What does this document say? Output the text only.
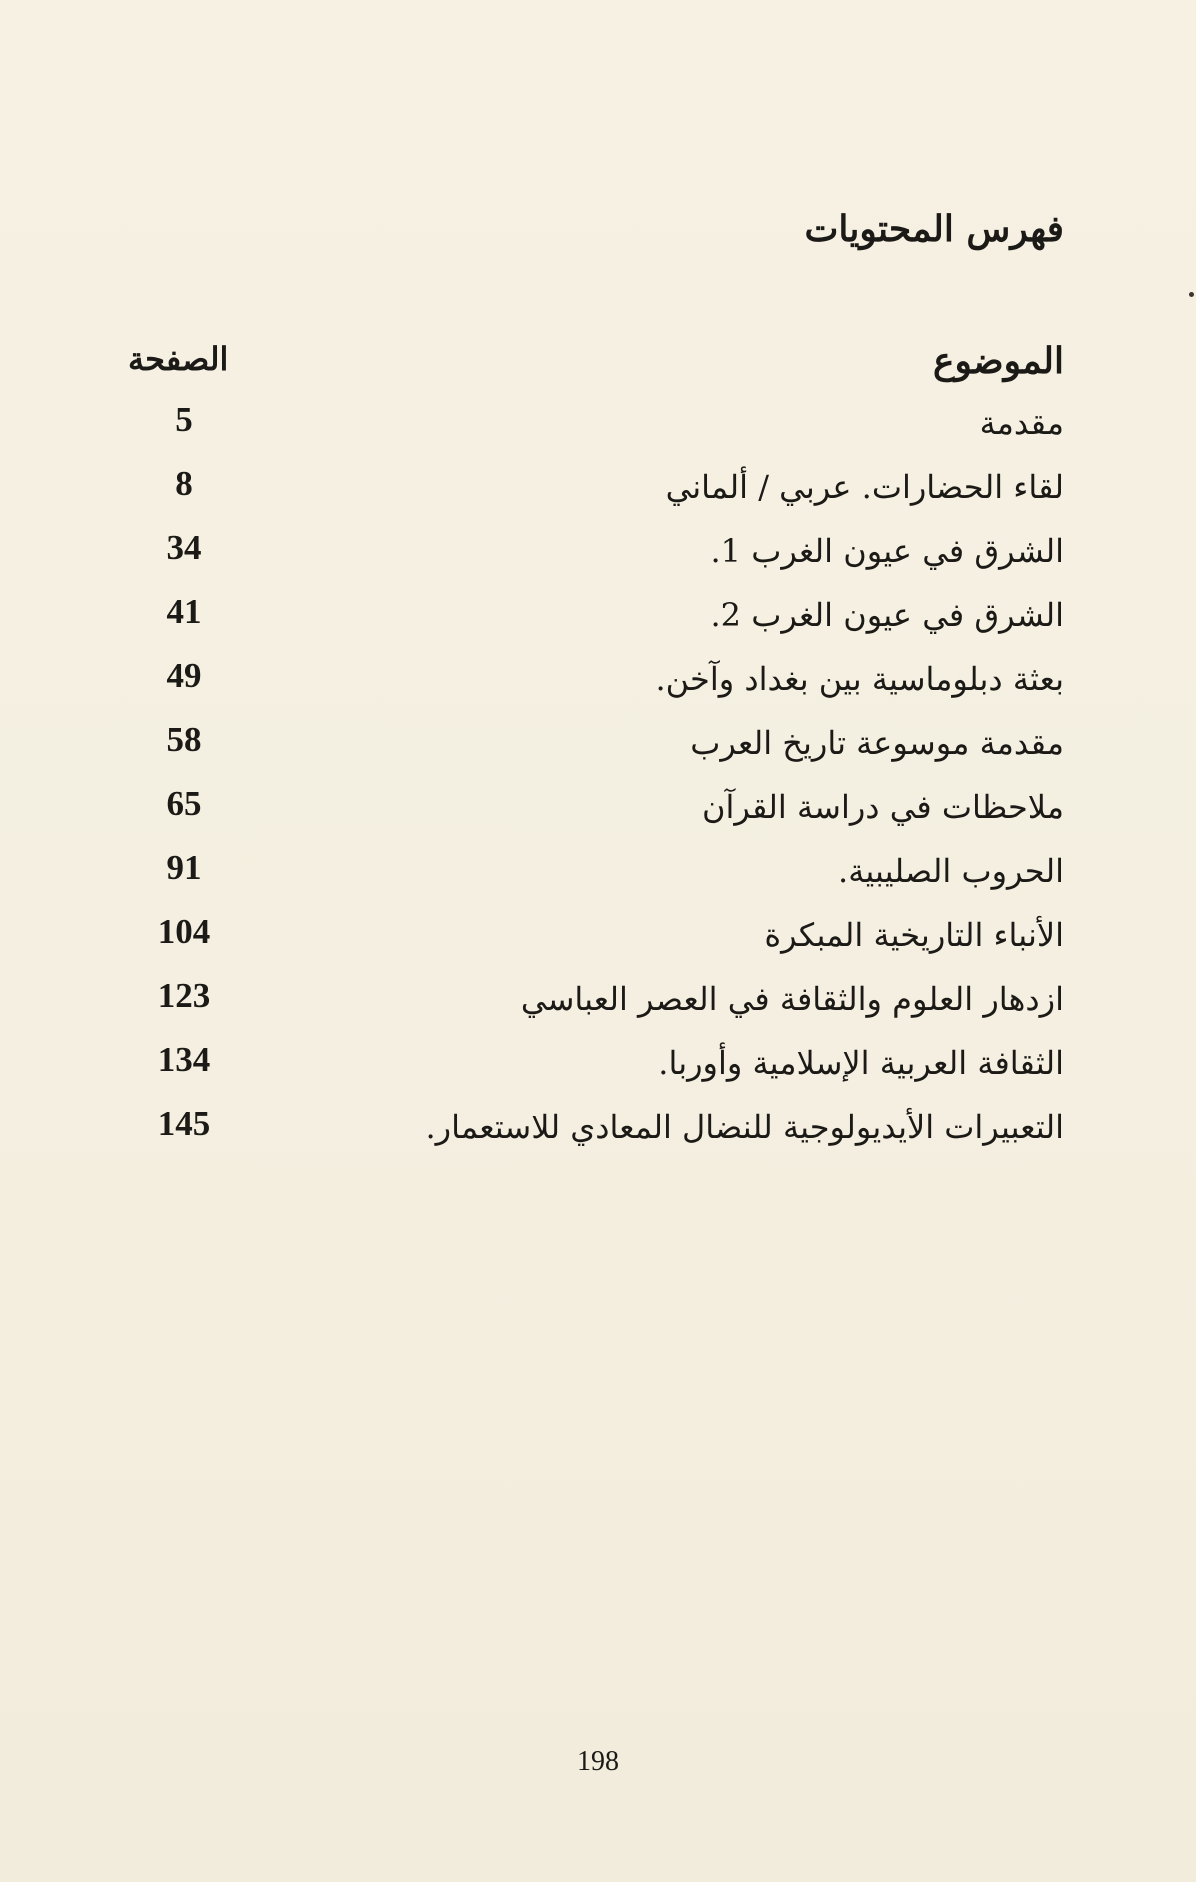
فهرس المحتويات
الموضوع
الصفحة
مقدمة
5
لقاء الحضارات. عربي / ألماني
8
الشرق في عيون الغرب 1.
34
الشرق في عيون الغرب 2.
41
بعثة دبلوماسية بين بغداد وآخن.
49
مقدمة موسوعة تاريخ العرب
58
ملاحظات في دراسة القرآن
65
الحروب الصليبية.
91
الأنباء التاريخية المبكرة
104
ازدهار العلوم والثقافة في العصر العباسي
123
الثقافة العربية الإسلامية وأوربا.
134
التعبيرات الأيديولوجية للنضال المعادي للاستعمار.
145
198
